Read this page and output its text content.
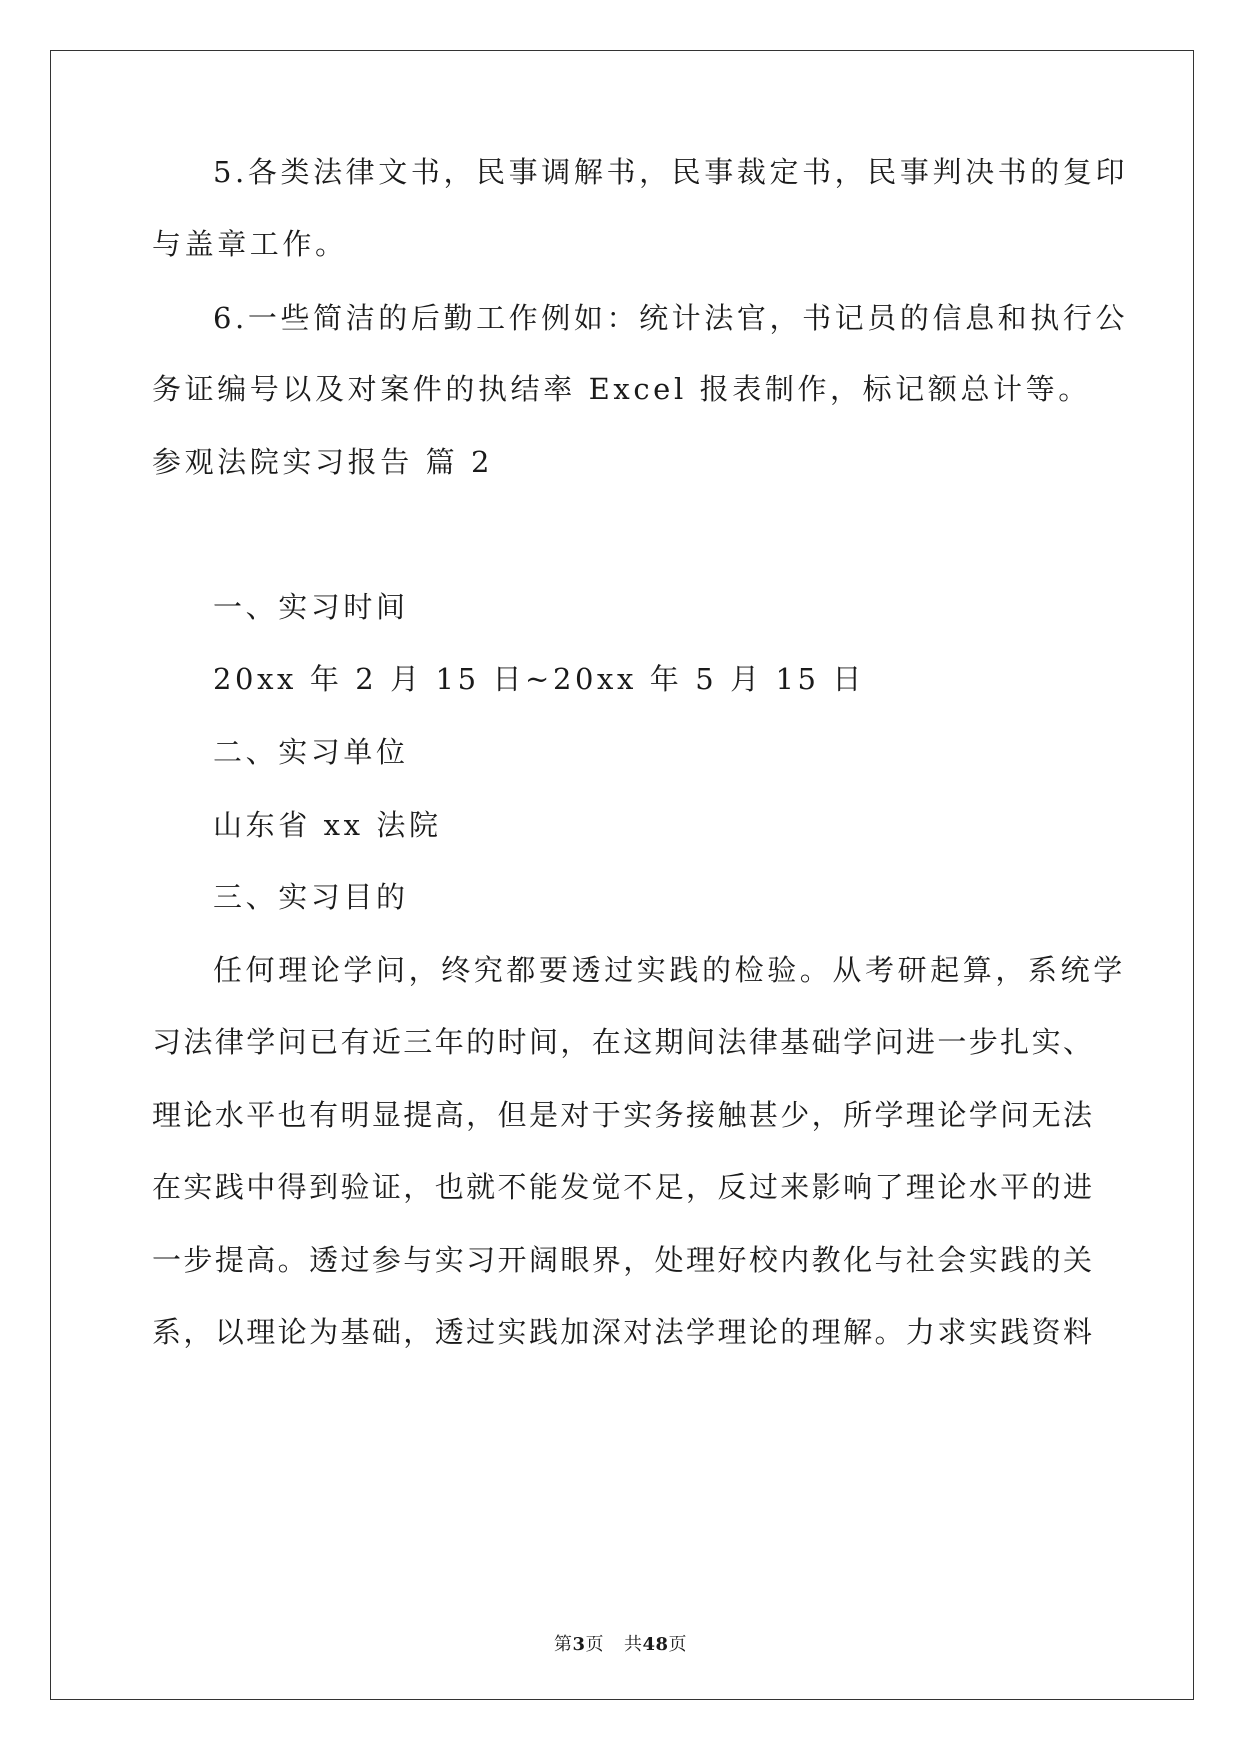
5.各类法律文书，民事调解书，民事裁定书，民事判决书的复印
与盖章工作。
6.一些简洁的后勤工作例如：统计法官，书记员的信息和执行公
务证编号以及对案件的执结率 Excel 报表制作，标记额总计等。
参观法院实习报告 篇 2
一、实习时间
20xx 年 2 月 15 日~20xx 年 5 月 15 日
二、实习单位
山东省 xx 法院
三、实习目的
任何理论学问，终究都要透过实践的检验。从考研起算，系统学
习法律学问已有近三年的时间，在这期间法律基础学问进一步扎实、
理论水平也有明显提高，但是对于实务接触甚少，所学理论学问无法
在实践中得到验证，也就不能发觉不足，反过来影响了理论水平的进
一步提高。透过参与实习开阔眼界，处理好校内教化与社会实践的关
系，以理论为基础，透过实践加深对法学理论的理解。力求实践资料
第3页 共48页
